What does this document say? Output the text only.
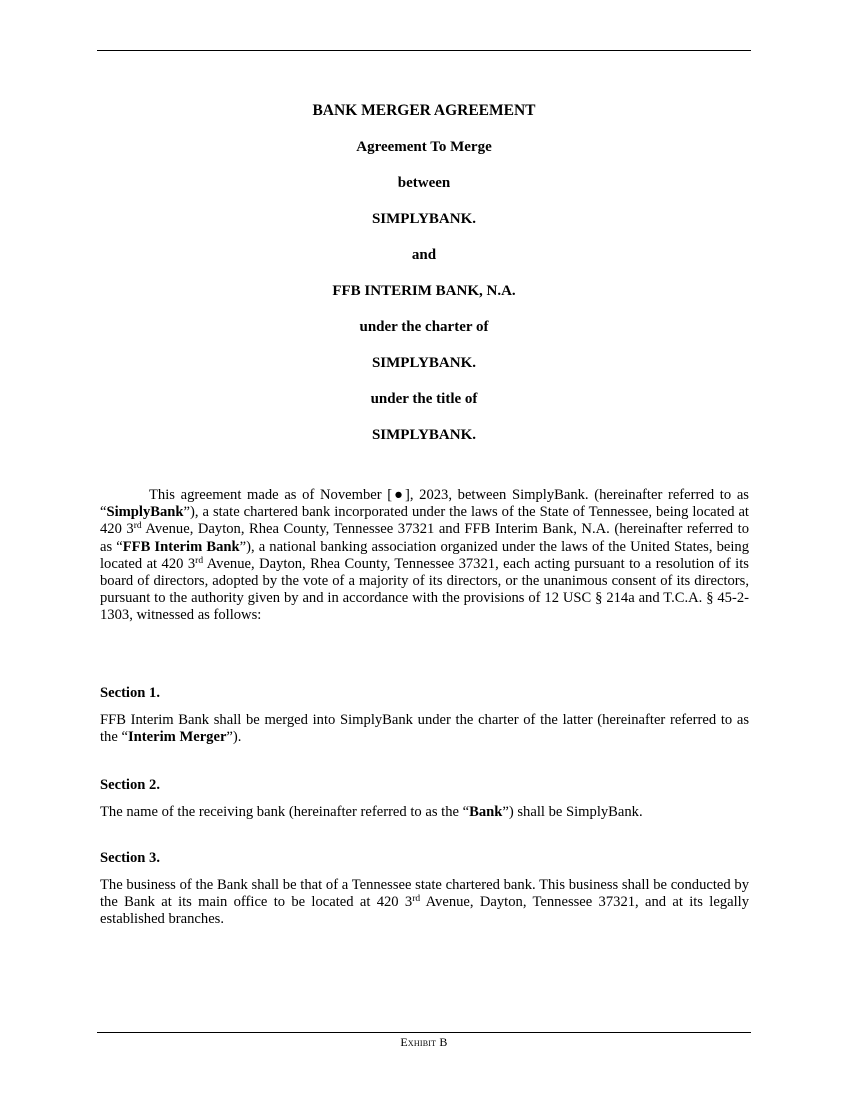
BANK MERGER AGREEMENT
Agreement To Merge
between
SIMPLYBANK.
and
FFB INTERIM BANK, N.A.
under the charter of
SIMPLYBANK.
under the title of
SIMPLYBANK.

This agreement made as of November [●], 2023, between SimplyBank. (hereinafter referred to as “SimplyBank”), a state chartered bank incorporated under the laws of the State of Tennessee, being located at 420 3rd Avenue, Dayton, Rhea County, Tennessee 37321 and FFB Interim Bank, N.A. (hereinafter referred to as “FFB Interim Bank”), a national banking association organized under the laws of the United States, being located at 420 3rd Avenue, Dayton, Rhea County, Tennessee 37321, each acting pursuant to a resolution of its board of directors, adopted by the vote of a majority of its directors, or the unanimous consent of its directors, pursuant to the authority given by and in accordance with the provisions of 12 USC § 214a and T.C.A. § 45-2-1303, witnessed as follows:

Section 1.

FFB Interim Bank shall be merged into SimplyBank under the charter of the latter (hereinafter referred to as the “Interim Merger”).

Section 2.

The name of the receiving bank (hereinafter referred to as the “Bank”) shall be SimplyBank.

Section 3.

The business of the Bank shall be that of a Tennessee state chartered bank. This business shall be conducted by the Bank at its main office to be located at 420 3rd Avenue, Dayton, Tennessee 37321, and at its legally established branches.

Exhibit B
